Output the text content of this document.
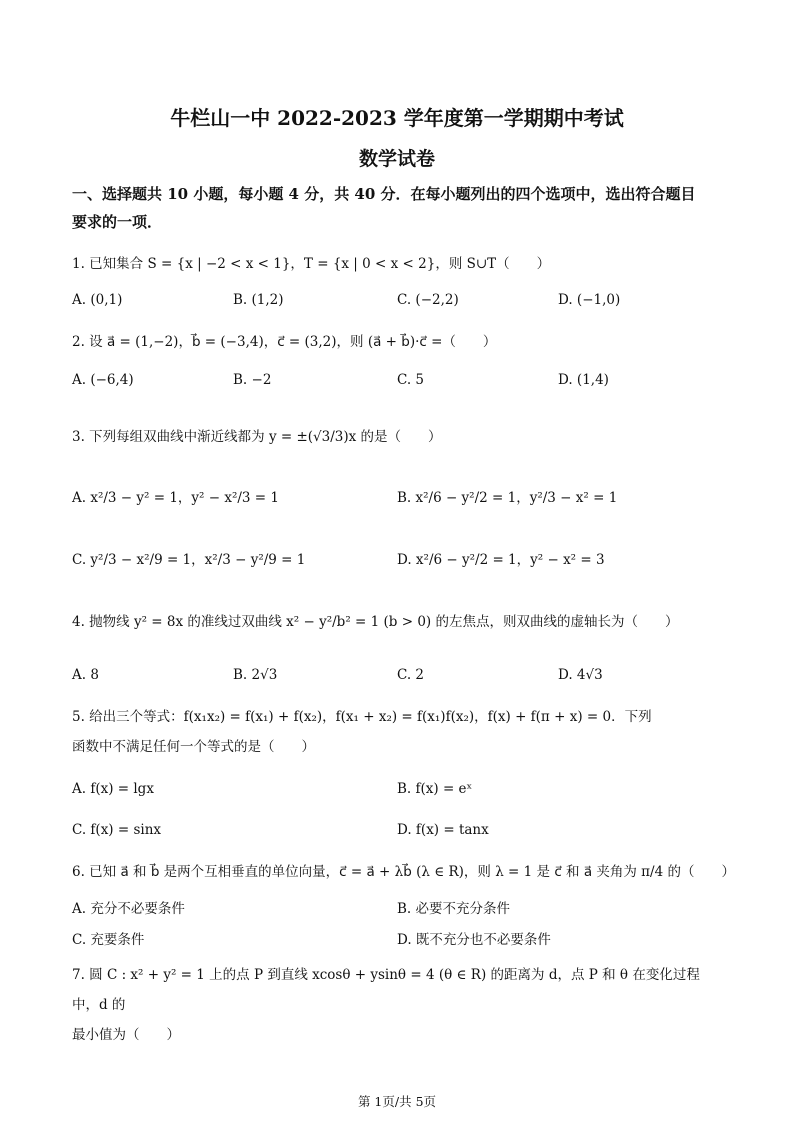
牛栏山一中 2022-2023 学年度第一学期期中考试
数学试卷
一、选择题共 10 小题，每小题 4 分，共 40 分．在每小题列出的四个选项中，选出符合题目
要求的一项．
1. 已知集合 S = {x | −2 < x < 1}，T = {x | 0 < x < 2}，则 S∪T（　　）
A. (0,1)	B. (1,2)	C. (−2,2)	D. (−1,0)
2. 设 a⃗ = (1,−2)，b⃗ = (−3,4)，c⃗ = (3,2)，则 (a⃗ + b⃗)·c⃗ =（　　）
A. (−6,4)	B. −2	C. 5	D. (1,4)
3. 下列每组双曲线中渐近线都为 y = ±(√3/3)x 的是（　　）
A. x²/3 − y² = 1，y² − x²/3 = 1	B. x²/6 − y²/2 = 1，y²/3 − x² = 1
C. y²/3 − x²/9 = 1，x²/3 − y²/9 = 1	D. x²/6 − y²/2 = 1，y² − x² = 3
4. 抛物线 y² = 8x 的准线过双曲线 x² − y²/b² = 1 (b > 0) 的左焦点，则双曲线的虚轴长为（　　）
A. 8	B. 2√3	C. 2	D. 4√3
5. 给出三个等式：f(x₁x₂) = f(x₁) + f(x₂)，f(x₁ + x₂) = f(x₁)f(x₂)，f(x) + f(π + x) = 0．下列
函数中不满足任何一个等式的是（　　）
A. f(x) = lgx	B. f(x) = eˣ
C. f(x) = sinx	D. f(x) = tanx
6. 已知 a⃗ 和 b⃗ 是两个互相垂直的单位向量，c⃗ = a⃗ + λb⃗ (λ ∈ R)，则 λ = 1 是 c⃗ 和 a⃗ 夹角为 π/4 的（　　）
A. 充分不必要条件	B. 必要不充分条件
C. 充要条件	D. 既不充分也不必要条件
7. 圆 C : x² + y² = 1 上的点 P 到直线 xcosθ + ysinθ = 4 (θ ∈ R) 的距离为 d，点 P 和 θ 在变化过程中，d 的
最小值为（　　）
第 1页/共 5页
